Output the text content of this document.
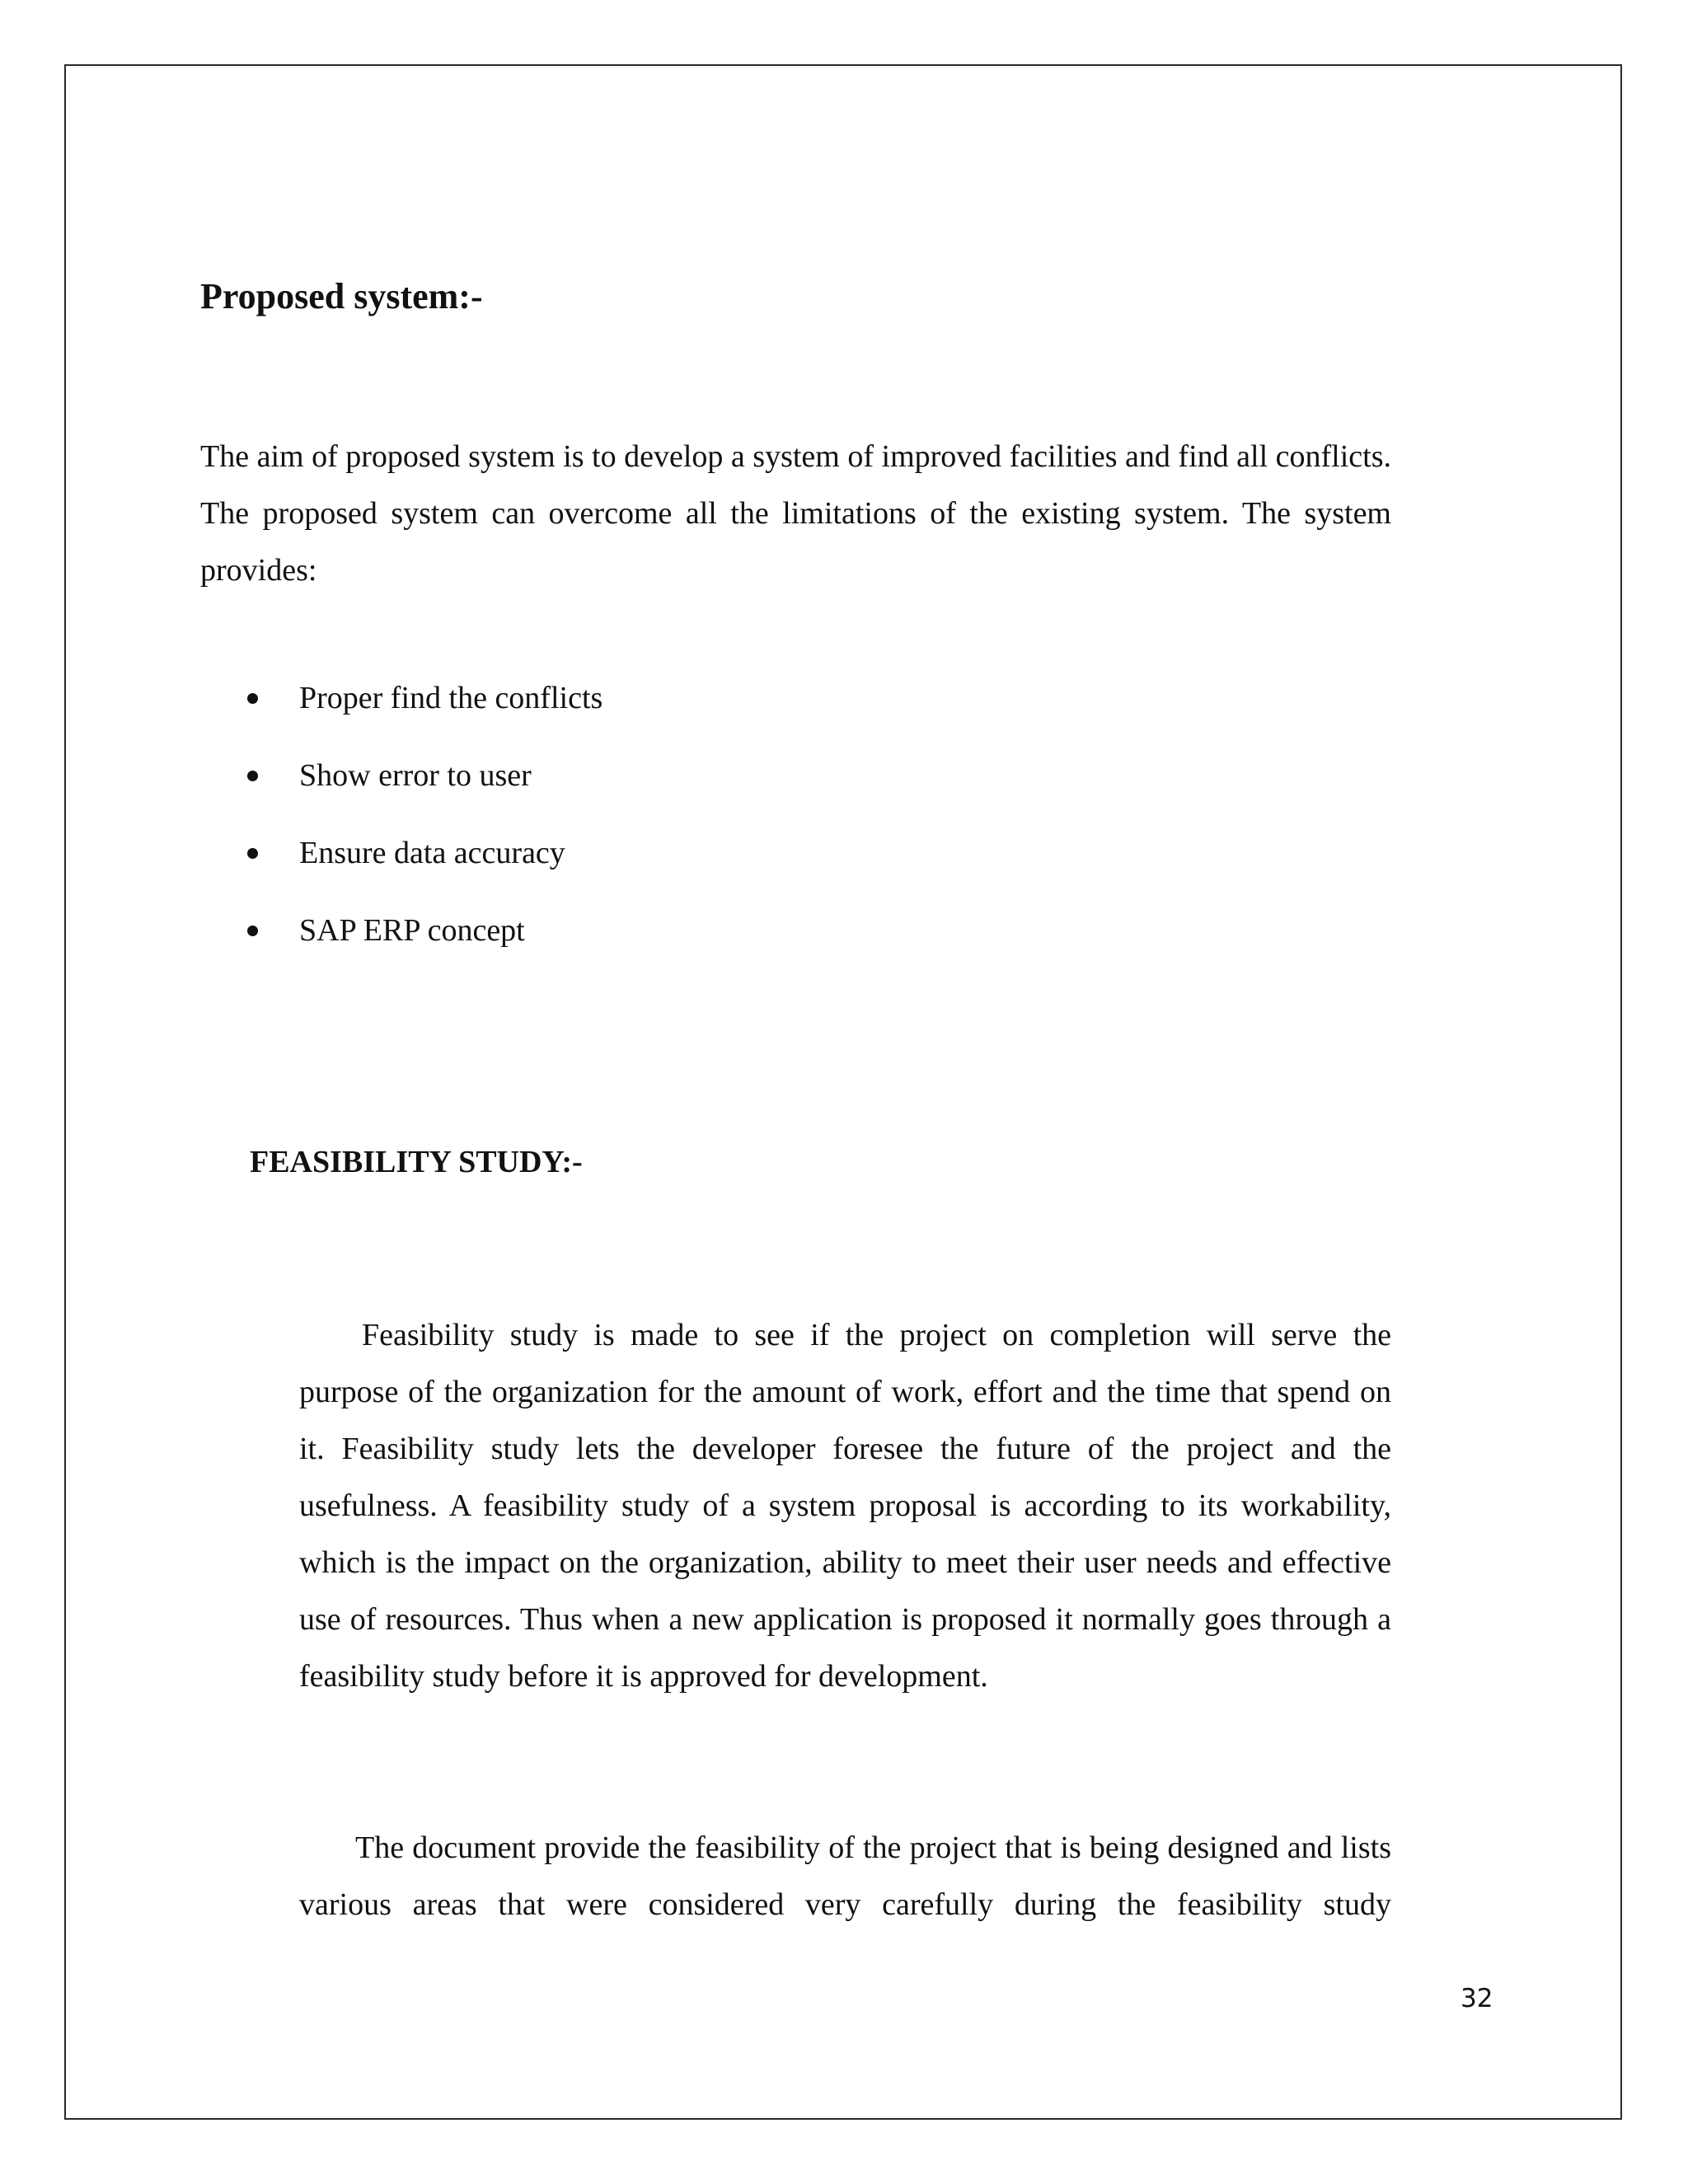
Proposed system:-

The aim of proposed system is to develop a system of improved facilities and find all conflicts. The proposed system can overcome all the limitations of the existing system. The system provides:

Proper find the conflicts
Show error to user
Ensure data accuracy
SAP ERP concept
FEASIBILITY STUDY:-

Feasibility study is made to see if the project on completion will serve the purpose of the organization for the amount of work, effort and the time that spend on it. Feasibility study lets the developer foresee the future of the project and the usefulness. A feasibility study of a system proposal is according to its workability, which is the impact on the organization, ability to meet their user needs and effective use of resources. Thus when a new application is proposed it normally goes through a feasibility study before it is approved for development.

The document provide the feasibility of the project that is being designed and lists various areas that were considered very carefully during the feasibility study

32
